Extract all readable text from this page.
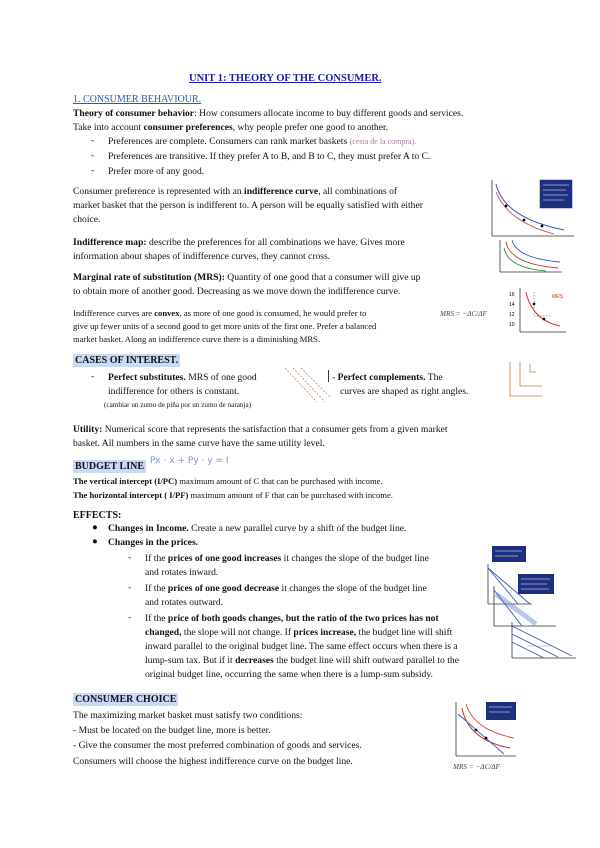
UNIT 1: THEORY OF THE CONSUMER.
1. CONSUMER BEHAVIOUR.
Theory of consumer behavior: How consumers allocate income to buy different goods and services.
Take into account consumer preferences, why people prefer one good to another.
- Preferences are complete. Consumers can rank market baskets (cesta de la compra).
- Preferences are transitive. If they prefer A to B, and B to C, they must prefer A to C.
- Prefer more of any good.
Consumer preference is represented with an indifference curve, all combinations of
market basket that the person is indifferent to. A person will be equally satisfied with either
choice.
Indifference map: describe the preferences for all combinations we have. Gives more
information about shapes of indifference curves, they cannot cross.
Marginal rate of substitution (MRS): Quantity of one good that a consumer will give up
to obtain more of another good. Decreasing as we move down the indifference curve.
Indifference curves are convex, as more of one good is consumed, he would prefer to
give up fewer units of a second good to get more units of the first one. Prefer a balanced
market basket. Along an indifference curve there is a diminishing MRS.
MRS = −ΔC/ΔF
16
14
12
10
MRS
CASES OF INTEREST.
- Perfect substitutes. MRS of one good
indifference for others is constant.
(cambiar un zumo de piña por un zumo de naranja)
- Perfect complements. The
curves are shaped as right angles.
Utility: Numerical score that represents the satisfaction that a consumer gets from a given market
basket. All numbers in the same curve have the same utility level.
BUDGET LINE Px · x + Py · y = I
The vertical intercept (I/PC) maximum amount of C that can be purchased with income.
The horizontal intercept ( I/PF) maximum amount of F that can be purchased with income.
EFFECTS:
● Changes in Income. Create a new parallel curve by a shift of the budget line.
● Changes in the prices.
- If the prices of one good increases it changes the slope of the budget line
and rotates inward.
- If the prices of one good decrease it changes the slope of the budget line
and rotates outward.
- If the price of both goods changes, but the ratio of the two prices has not
changed, the slope will not change. If prices increase, the budget line will shift
inward parallel to the original budget line. The same effect occurs when there is a
lump-sum tax. But if it decreases the budget line will shift outward parallel to the
original budget line, occurring the same when there is a lump-sum subsidy.
CONSUMER CHOICE
The maximizing market basket must satisfy two conditions:
- Must be located on the budget line, more is better.
- Give the consumer the most preferred combination of goods and services.
Consumers will choose the highest indifference curve on the budget line.	MRS = −ΔC/ΔF
